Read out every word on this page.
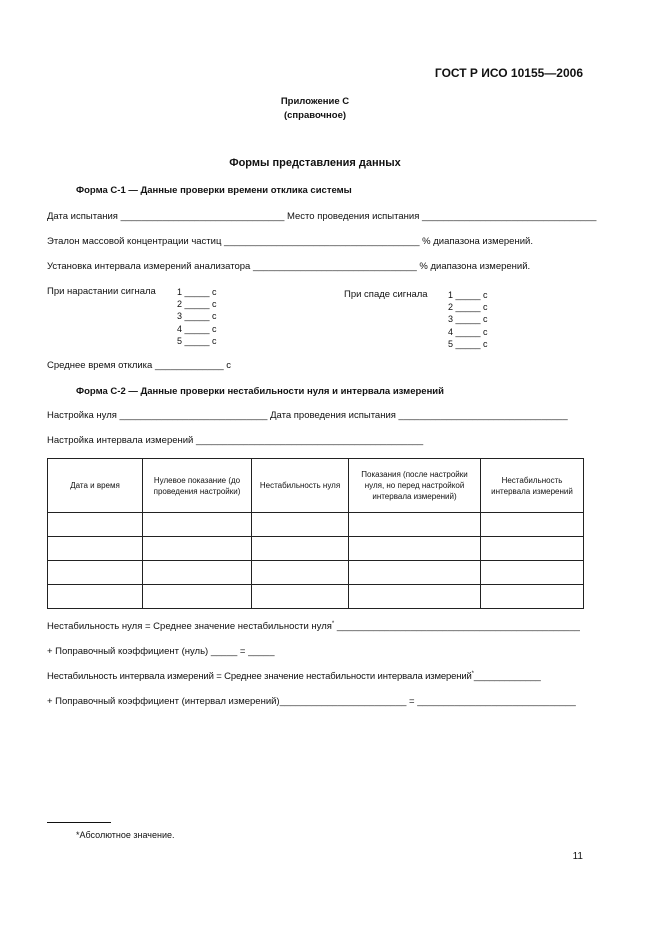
ГОСТ Р ИСО 10155—2006
Приложение С
(справочное)
Формы представления данных
Форма С-1 — Данные проверки времени отклика системы
Дата испытания _______________________________ Место проведения испытания _________________________________
Эталон массовой концентрации частиц _____________________________________ % диапазона измерений.
Установка интервала измерений анализатора _______________________________ % диапазона измерений.
При нарастании сигнала 1 _____ с
2 _____ с
3 _____ с
4 _____ с
5 _____ с
При спаде сигнала 1 _____ с
2 _____ с
3 _____ с
4 _____ с
5 _____ с
Среднее время отклика _____________ с
Форма С-2 — Данные проверки нестабильности нуля и интервала измерений
Настройка нуля ____________________________ Дата проведения испытания ________________________________
Настройка интервала измерений ___________________________________________
Дата и время	Нулевое показание (до проведения настройки)	Нестабильность нуля	Показания (после настройки нуля, но перед настройкой интервала измерений)	Нестабильность интервала измерений

Нестабильность нуля = Среднее значение нестабильности нуля* ______________________________________________
+ Поправочный коэффициент (нуль) _____ = _____
Нестабильность интервала измерений = Среднее значение нестабильности интервала измерений*_____________
+ Поправочный коэффициент (интервал измерений)________________________ = ______________________________
*Абсолютное значение.
11
